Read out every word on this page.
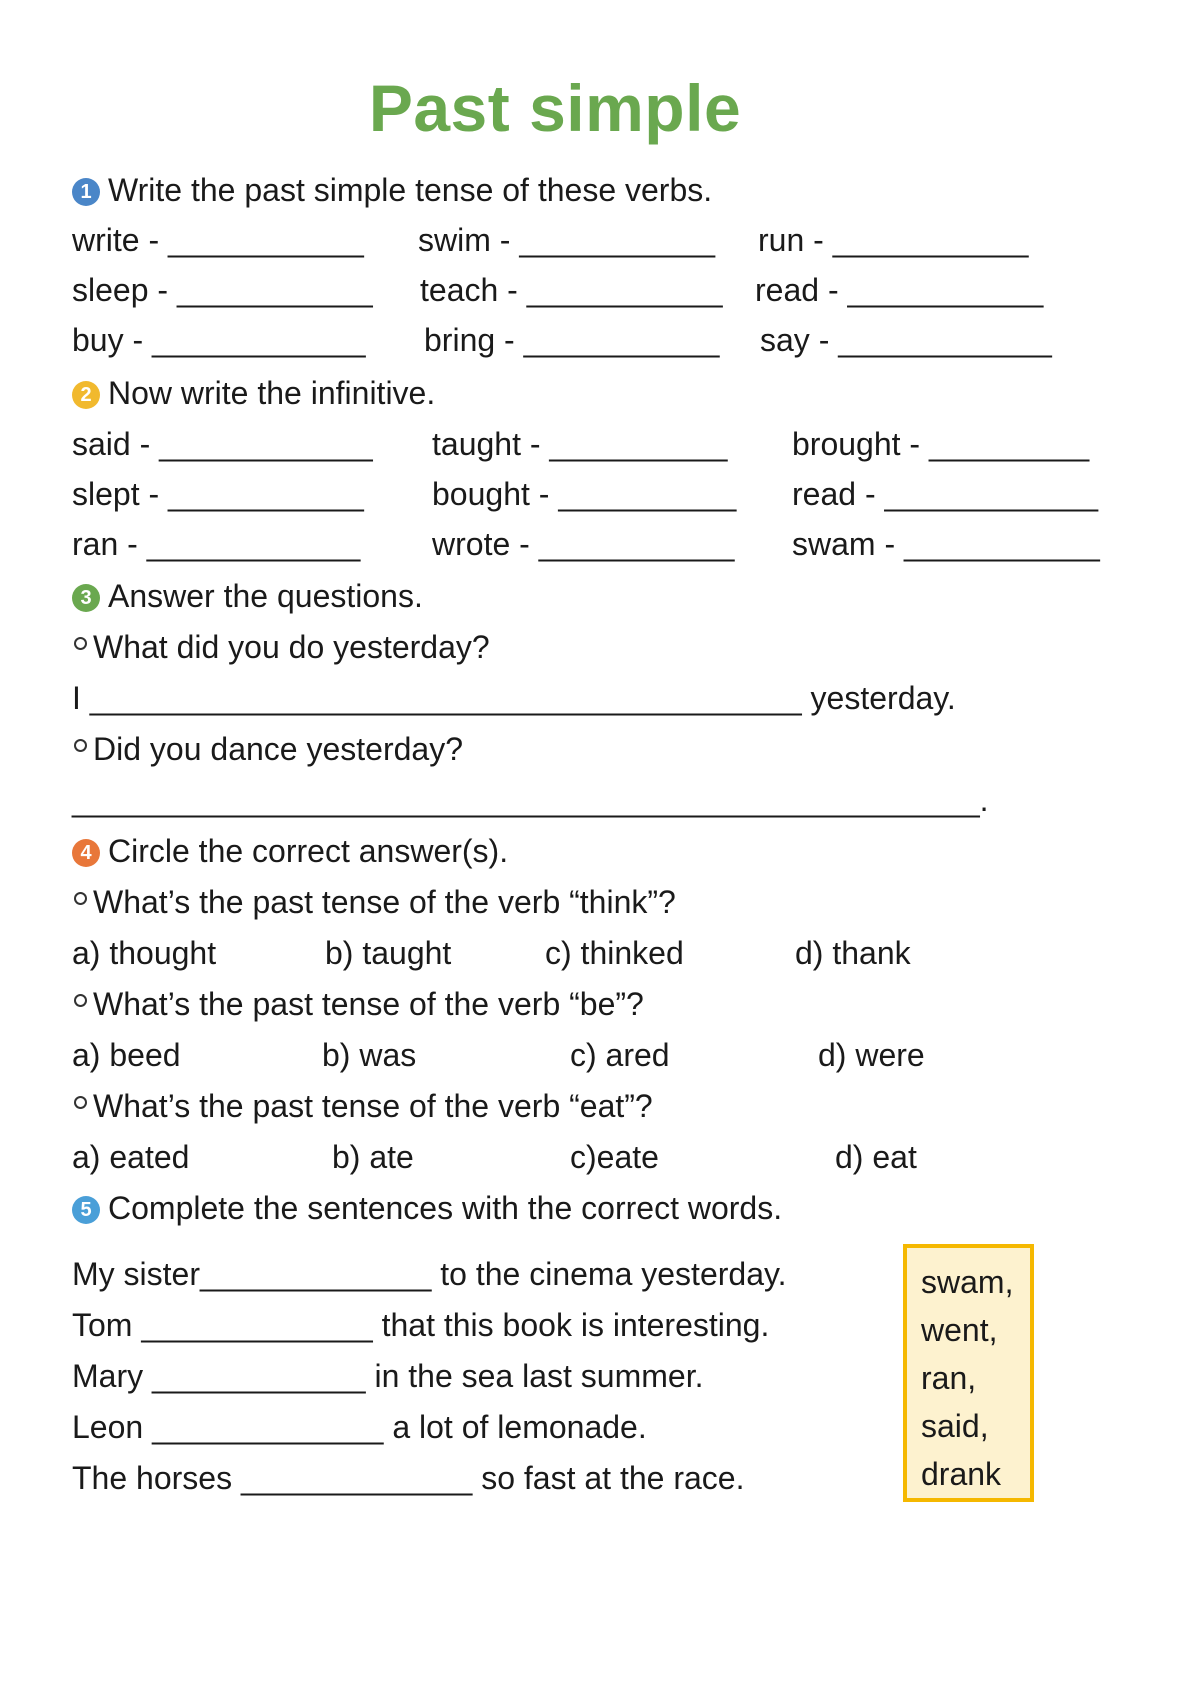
Past simple
1 Write the past simple tense of these verbs.
write - ___________ swim - ___________ run - ___________
sleep - ___________ teach - ___________ read - ___________
buy - ____________ bring - ___________ say - ____________
2 Now write the infinitive.
said - ____________ taught - __________ brought - _________
slept - ___________ bought - __________ read - ____________
ran - ____________ wrote - ___________ swam - ___________
3 Answer the questions.
What did you do yesterday?
I ________________________________________ yesterday.
Did you dance yesterday?
___________________________________________________.
4 Circle the correct answer(s).
What’s the past tense of the verb “think”?
a) thought	b) taught	c) thinked	d) thank
What’s the past tense of the verb “be”?
a) beed	b) was	c) ared	d) were
What’s the past tense of the verb “eat”?
a) eated	b) ate	c)eate	d) eat
5 Complete the sentences with the correct words.
My sister_____________ to the cinema yesterday.
Tom _____________ that this book is interesting.
Mary ____________ in the sea last summer.
Leon _____________ a lot of lemonade.
The horses _____________ so fast at the race.
swam,
went,
ran,
said,
drank
